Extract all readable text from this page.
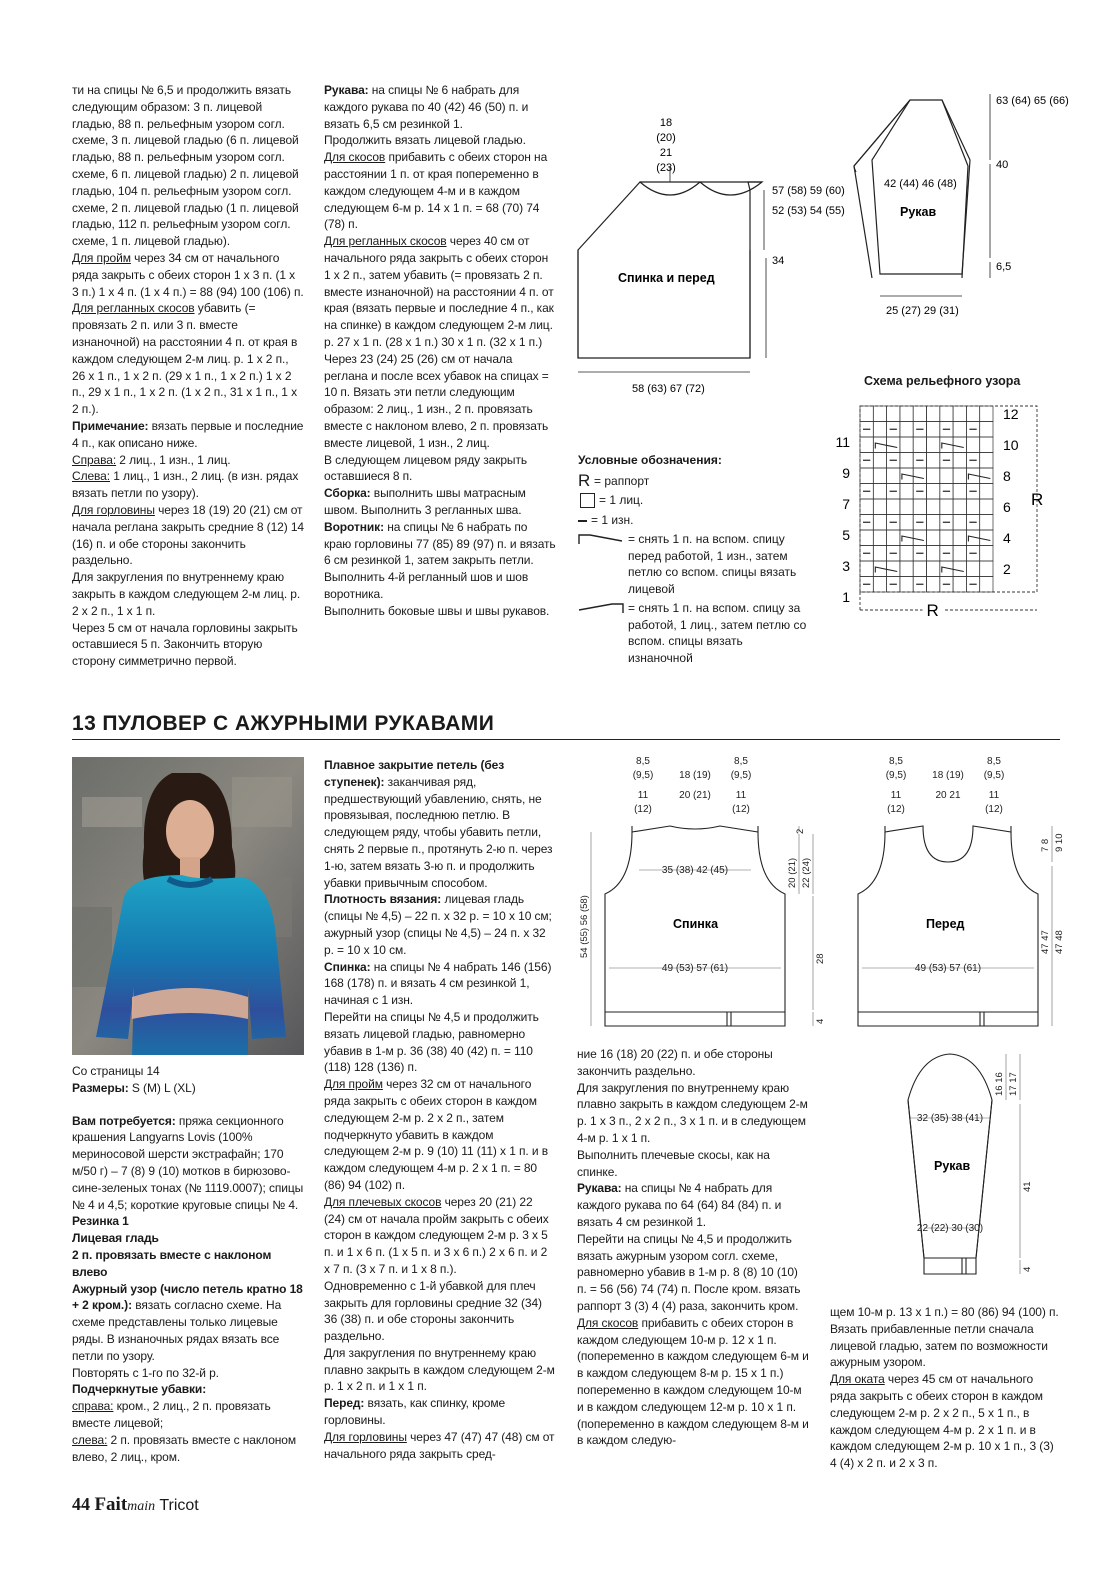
ти на спицы № 6,5 и продолжить вязать следующим образом: 3 п. лицевой гладью, 88 п. рельефным узором согл. схеме, 3 п. лицевой гладью (6 п. лицевой гладью, 88 п. рельефным узором согл. схеме, 6 п. лицевой гладью) 2 п. лицевой гладью, 104 п. рельефным узором согл. схеме, 2 п. лицевой гладью (1 п. лицевой гладью, 112 п. рельефным узором согл. схеме, 1 п. лицевой гладью).

Для пройм через 34 см от начального ряда закрыть с обеих сторон 1 х 3 п. (1 х 3 п.) 1 х 4 п. (1 х 4 п.) = 88 (94) 100 (106) п.

Для регланных скосов убавить (= провязать 2 п. или 3 п. вместе изнаночной) на расстоянии 4 п. от края в каждом следующем 2-м лиц. р. 1 х 2 п., 26 х 1 п., 1 х 2 п. (29 х 1 п., 1 х 2 п.) 1 х 2 п., 29 х 1 п., 1 х 2 п. (1 х 2 п., 31 х 1 п., 1 х 2 п.).

Примечание: вязать первые и последние 4 п., как описано ниже.

Справа: 2 лиц., 1 изн., 1 лиц.

Слева: 1 лиц., 1 изн., 2 лиц. (в изн. рядах вязать петли по узору).

Для горловины через 18 (19) 20 (21) см от начала реглана закрыть средние 8 (12) 14 (16) п. и обе стороны закончить раздельно.

Для закругления по внутреннему краю закрыть в каждом следующем 2-м лиц. р. 2 х 2 п., 1 х 1 п.

Через 5 см от начала горловины закрыть оставшиеся 5 п. Закончить вторую сторону симметрично первой.

Рукава: на спицы № 6 набрать для каждого рукава по 40 (42) 46 (50) п. и вязать 6,5 см резинкой 1.

Продолжить вязать лицевой гладью.

Для скосов прибавить с обеих сторон на расстоянии 1 п. от края попеременно в каждом следующем 4-м и в каждом следующем 6-м р. 14 х 1 п. = 68 (70) 74 (78) п.

Для регланных скосов через 40 см от начального ряда закрыть с обеих сторон 1 х 2 п., затем убавить (= провязать 2 п. вместе изнаночной) на расстоянии 4 п. от края (вязать первые и последние 4 п., как на спинке) в каждом следующем 2-м лиц. р. 27 х 1 п. (28 х 1 п.) 30 х 1 п. (32 х 1 п.)

Через 23 (24) 25 (26) см от начала реглана и после всех убавок на спицах = 10 п. Вязать эти петли следующим образом: 2 лиц., 1 изн., 2 п. провязать вместе с наклоном влево, 2 п. провязать вместе лицевой, 1 изн., 2 лиц.

В следующем лицевом ряду закрыть оставшиеся 8 п.

Сборка: выполнить швы матрасным швом. Выполнить 3 регланных шва.

Воротник: на спицы № 6 набрать по краю горловины 77 (85) 89 (97) п. и вязать 6 см резинкой 1, затем закрыть петли.

Выполнить 4-й регланный шов и шов воротника.

Выполнить боковые швы и швы рукавов.

Спинка и перед
18
(20)
21
(23)
57 (58) 59 (60)
52 (53) 54 (55)
34
58 (63) 67 (72)
Рукав
63 (64) 65 (66)
42 (44) 46 (48)
40
6,5
25 (27) 29 (31)
Условные обозначения:
R = раппорт
= 1 лиц.
= 1 изн.
= снять 1 п. на вспом. спицу перед работой, 1 изн., затем петлю со вспом. спицы вязать лицевой
= снять 1 п. на вспом. спицу за работой, 1 лиц., затем петлю со вспом. спицы вязать изнаночной
Схема рельефного узора
12
10
8
6
4
2
11
9
7
5
3
1
R
R
13 ПУЛОВЕР С АЖУРНЫМИ РУКАВАМИ

Со страницы 14

Размеры: S (M) L (XL)

Вам потребуется: пряжа секционного крашения Langyarns Lovis (100% мериносовой шерсти экстрафайн; 170 м/50 г) – 7 (8) 9 (10) мотков в бирюзово-сине-зеленых тонах (№ 1119.0007); спицы № 4 и 4,5; короткие круговые спицы № 4.

Резинка 1

Лицевая гладь

2 п. провязать вместе с наклоном влево

Ажурный узор (число петель кратно 18 + 2 кром.): вязать согласно схеме. На схеме представлены только лицевые ряды. В изнаночных рядах вязать все петли по узору.

Повторять с 1-го по 32-й р.

Подчеркнутые убавки:

справа: кром., 2 лиц., 2 п. провязать вместе лицевой;

слева: 2 п. провязать вместе с наклоном влево, 2 лиц., кром.

Плавное закрытие петель (без ступенек): заканчивая ряд, предшествующий убавлению, снять, не провязывая, последнюю петлю. В следующем ряду, чтобы убавить петли, снять 2 первые п., протянуть 2-ю п. через 1-ю, затем вязать 3-ю п. и продолжить убавки привычным способом.

Плотность вязания: лицевая гладь (спицы № 4,5) – 22 п. х 32 р. = 10 х 10 см; ажурный узор (спицы № 4,5) – 24 п. х 32 р. = 10 х 10 см.

Спинка: на спицы № 4 набрать 146 (156) 168 (178) п. и вязать 4 см резинкой 1, начиная с 1 изн.

Перейти на спицы № 4,5 и продолжить вязать лицевой гладью, равномерно убавив в 1-м р. 36 (38) 40 (42) п. = 110 (118) 128 (136) п.

Для пройм через 32 см от начального ряда закрыть с обеих сторон в каждом следующем 2-м р. 2 х 2 п., затем подчеркнуто убавить в каждом следующем 2-м р. 9 (10) 11 (11) х 1 п. и в каждом следующем 4-м р. 2 х 1 п. = 80 (86) 94 (102) п.

Для плечевых скосов через 20 (21) 22 (24) см от начала пройм закрыть с обеих сторон в каждом следующем 2-м р. 3 х 5 п. и 1 х 6 п. (1 х 5 п. и 3 х 6 п.) 2 х 6 п. и 2 х 7 п. (3 х 7 п. и 1 х 8 п.).

Одновременно с 1-й убавкой для плеч закрыть для горловины средние 32 (34) 36 (38) п. и обе стороны закончить раздельно.

Для закругления по внутреннему краю плавно закрыть в каждом следующем 2-м р. 1 х 2 п. и 1 х 1 п.

Перед: вязать, как спинку, кроме горловины.

Для горловины через 47 (47) 47 (48) см от начального ряда закрыть сред-

ние 16 (18) 20 (22) п. и обе стороны закончить раздельно.

Для закругления по внутреннему краю плавно закрыть в каждом следующем 2-м р. 1 х 3 п., 2 х 2 п., 3 х 1 п. и в следующем 4-м р. 1 х 1 п.

Выполнить плечевые скосы, как на спинке.

Рукава: на спицы № 4 набрать для каждого рукава по 64 (64) 84 (84) п. и вязать 4 см резинкой 1.

Перейти на спицы № 4,5 и продолжить вязать ажурным узором согл. схеме, равномерно убавив в 1-м р. 8 (8) 10 (10) п. = 56 (56) 74 (74) п. После кром. вязать раппорт 3 (3) 4 (4) раза, закончить кром.

Для скосов прибавить с обеих сторон в каждом следующем 10-м р. 12 х 1 п. (попеременно в каждом следующем 6-м и в каждом следующем 8-м р. 15 х 1 п.) попеременно в каждом следующем 10-м и в каждом следующем 12-м р. 10 х 1 п. (попеременно в каждом следующем 8-м и в каждом следую-

щем 10-м р. 13 х 1 п.) = 80 (86) 94 (100) п. Вязать прибавленные петли сначала лицевой гладью, затем по возможности ажурным узором.

Для оката через 45 см от начального ряда закрыть с обеих сторон в каждом следующем 2-м р. 2 х 2 п., 5 х 1 п., в каждом следующем 4-м р. 2 х 1 п. и в каждом следующем 2-м р. 10 х 1 п., 3 (3) 4 (4) х 2 п. и 2 х 3 п.

8,5
(9,5)	18 (19)
8,5
(9,5)
11
(12)
20 (21) 11
(12)
35 (38) 42 (45)
49 (53) 57 (61)
Спинка
54 (55) 56 (58)
2
20 (21) 22 (24)
28
4
8,5
(9,5)	18 (19)
8,5
(9,5)
11
(12)
20 21	11
(12)
49 (53) 57 (61)
Перед
7 8 9 10
47 47 47 48
Рукав
32 (35) 38 (41)
22 (22) 30 (30)
16 16 17 17
41
4
44 Faitmain Tricot
